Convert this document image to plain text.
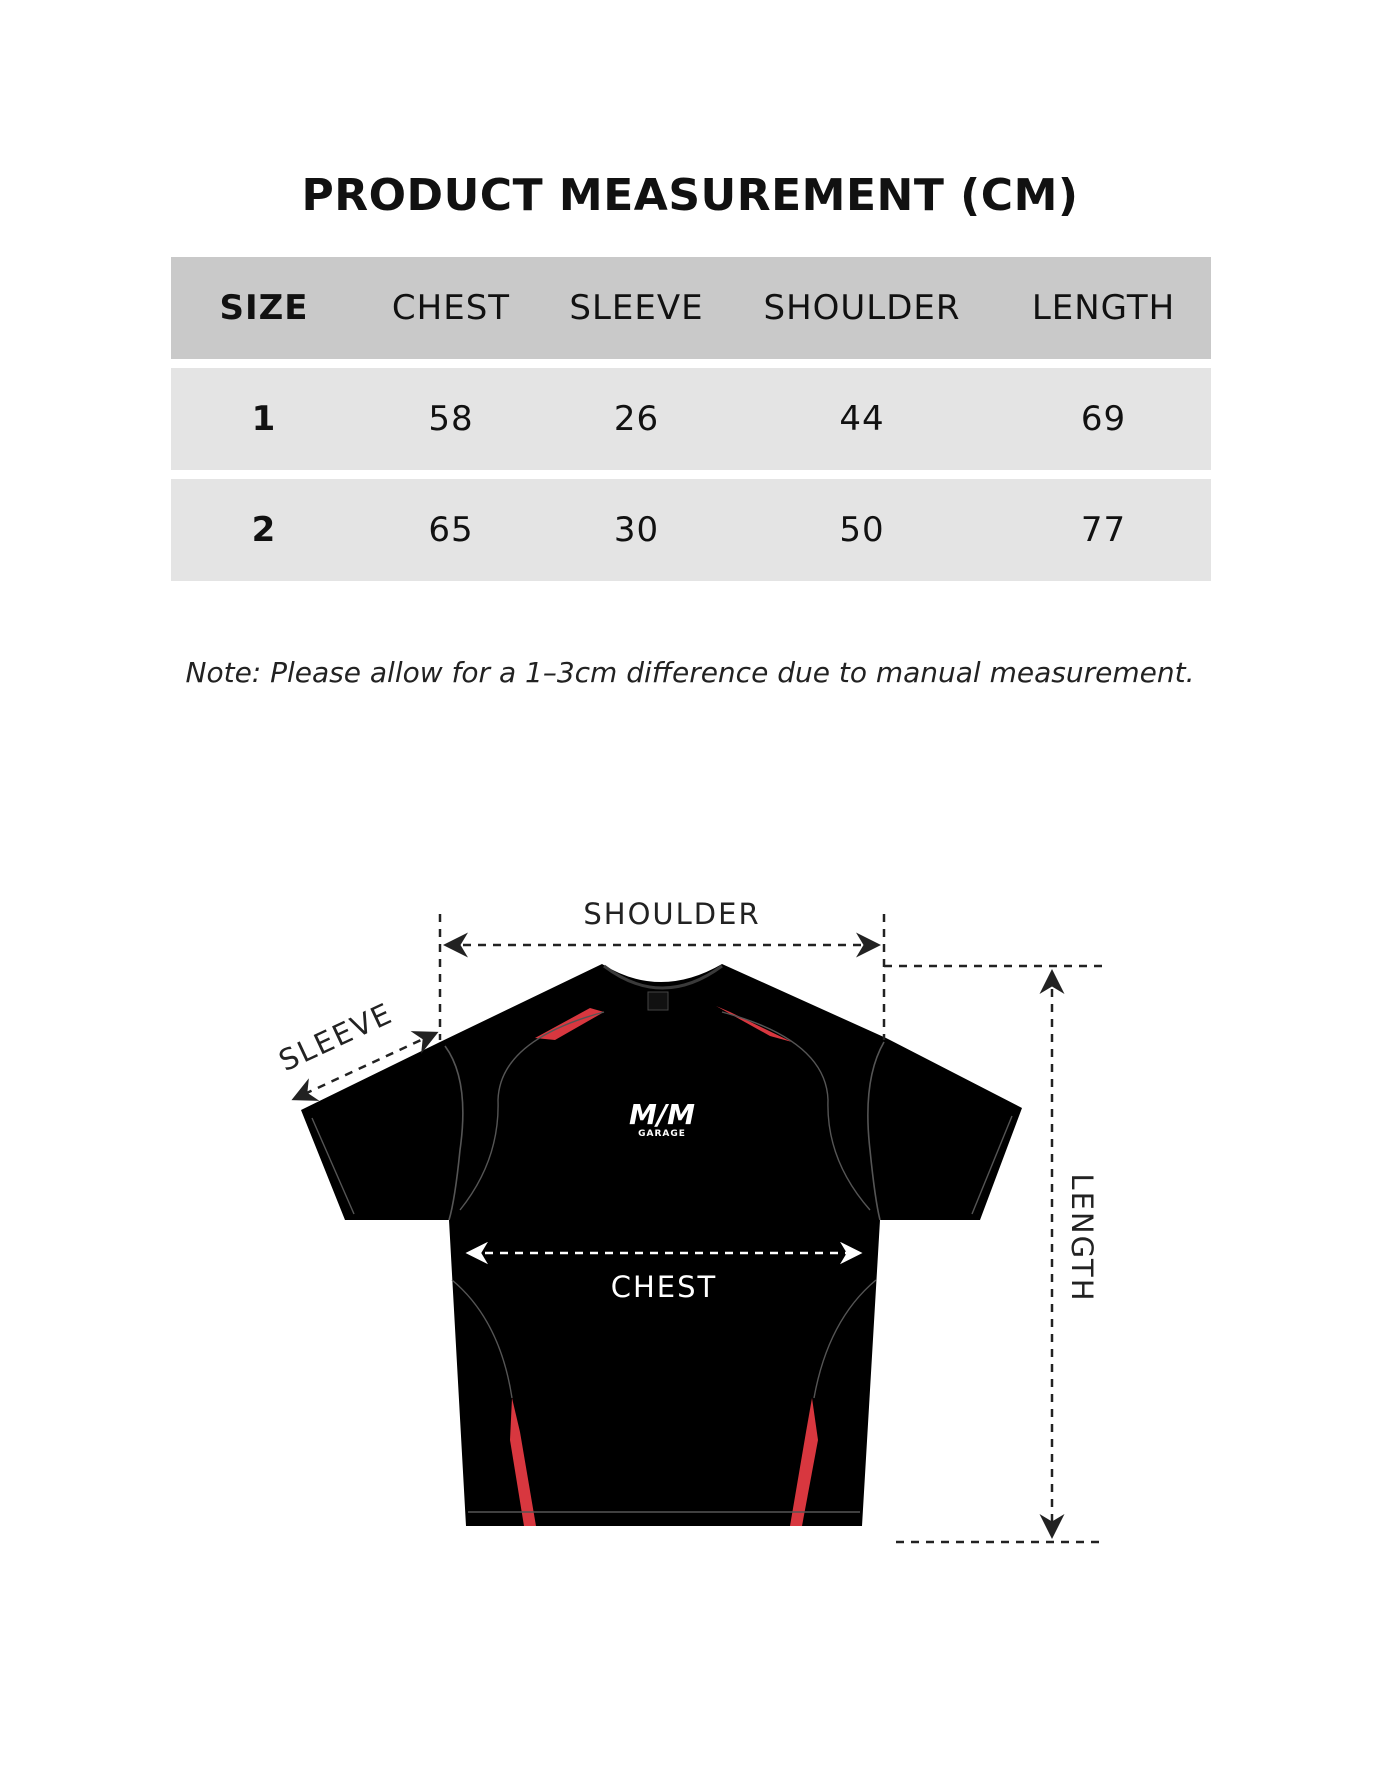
PRODUCT MEASUREMENT (CM)
SIZE	CHEST	SLEEVE	SHOULDER	LENGTH
1	58	26	44	69
2	65	30	50	77
Note: Please allow for a 1–3cm difference due to manual measurement.
M/M
GARAGE
SHOULDER
SLEEVE
CHEST	LENGTH
